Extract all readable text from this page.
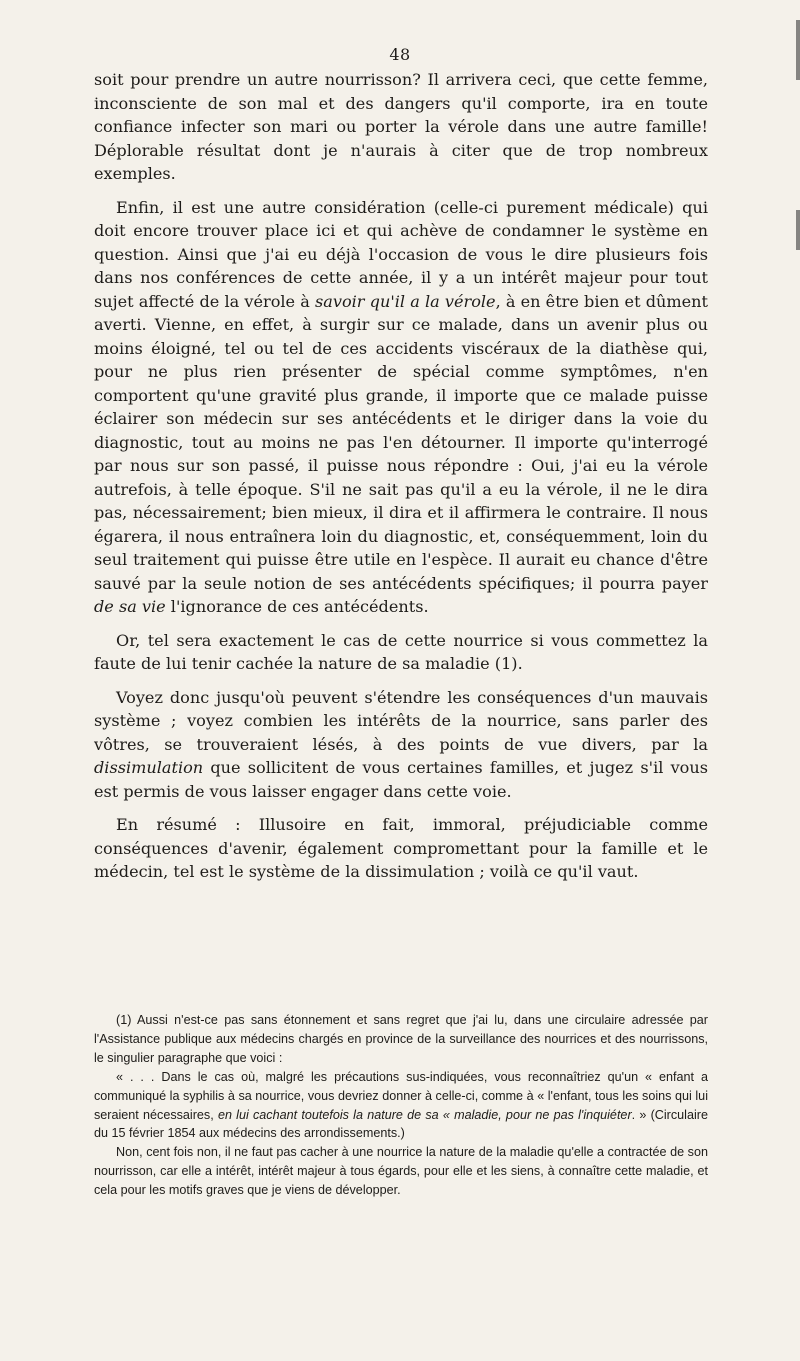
48

soit pour prendre un autre nourrisson? Il arrivera ceci, que cette femme, inconsciente de son mal et des dangers qu'il comporte, ira en toute confiance infecter son mari ou porter la vérole dans une autre famille! Déplorable résultat dont je n'aurais à citer que de trop nombreux exemples.

Enfin, il est une autre considération (celle-ci purement médicale) qui doit encore trouver place ici et qui achève de condamner le système en question. Ainsi que j'ai eu déjà l'occasion de vous le dire plusieurs fois dans nos conférences de cette année, il y a un intérêt majeur pour tout sujet affecté de la vérole à savoir qu'il a la vérole, à en être bien et dûment averti. Vienne, en effet, à surgir sur ce malade, dans un avenir plus ou moins éloigné, tel ou tel de ces accidents viscéraux de la diathèse qui, pour ne plus rien présenter de spécial comme symptômes, n'en comportent qu'une gravité plus grande, il importe que ce malade puisse éclairer son médecin sur ses antécédents et le diriger dans la voie du diagnostic, tout au moins ne pas l'en détourner. Il importe qu'interrogé par nous sur son passé, il puisse nous répondre : Oui, j'ai eu la vérole autrefois, à telle époque. S'il ne sait pas qu'il a eu la vérole, il ne le dira pas, nécessairement; bien mieux, il dira et il affirmera le contraire. Il nous égarera, il nous entraînera loin du diagnostic, et, conséquemment, loin du seul traitement qui puisse être utile en l'espèce. Il aurait eu chance d'être sauvé par la seule notion de ses antécédents spécifiques; il pourra payer de sa vie l'ignorance de ces antécédents.

Or, tel sera exactement le cas de cette nourrice si vous commettez la faute de lui tenir cachée la nature de sa maladie (1).

Voyez donc jusqu'où peuvent s'étendre les conséquences d'un mauvais système ; voyez combien les intérêts de la nourrice, sans parler des vôtres, se trouveraient lésés, à des points de vue divers, par la dissimulation que sollicitent de vous certaines familles, et jugez s'il vous est permis de vous laisser engager dans cette voie.

En résumé : Illusoire en fait, immoral, préjudiciable comme conséquences d'avenir, également compromettant pour la famille et le médecin, tel est le système de la dissimulation ; voilà ce qu'il vaut.

(1) Aussi n'est-ce pas sans étonnement et sans regret que j'ai lu, dans une circulaire adressée par l'Assistance publique aux médecins chargés en province de la surveillance des nourrices et des nourrissons, le singulier paragraphe que voici :

« . . . Dans le cas où, malgré les précautions sus-indiquées, vous reconnaîtriez qu'un « enfant a communiqué la syphilis à sa nourrice, vous devriez donner à celle-ci, comme à « l'enfant, tous les soins qui lui seraient nécessaires, en lui cachant toutefois la nature de sa « maladie, pour ne pas l'inquiéter. » (Circulaire du 15 février 1854 aux médecins des arrondissements.)

Non, cent fois non, il ne faut pas cacher à une nourrice la nature de la maladie qu'elle a contractée de son nourrisson, car elle a intérêt, intérêt majeur à tous égards, pour elle et les siens, à connaître cette maladie, et cela pour les motifs graves que je viens de développer.
